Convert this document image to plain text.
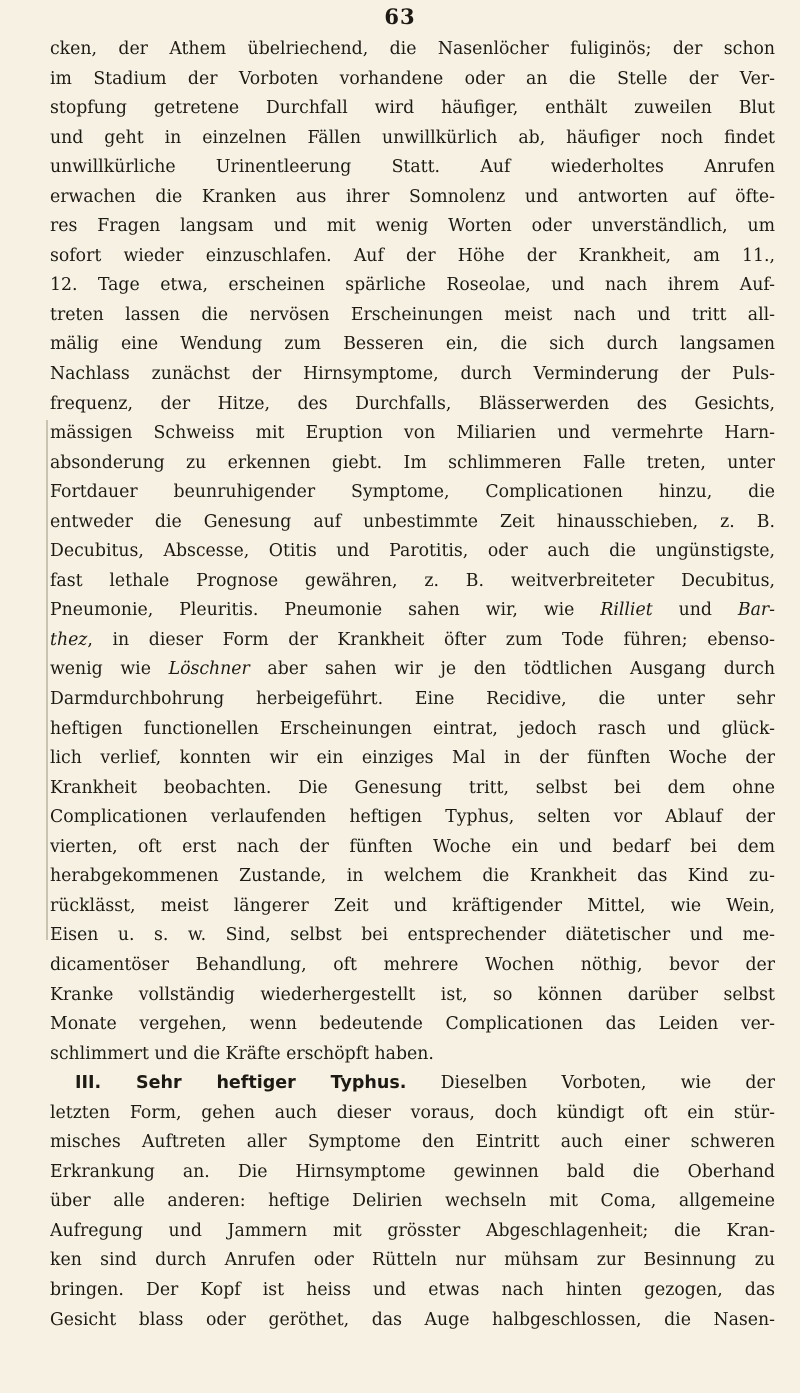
63
cken, der Athem übelriechend, die Nasenlöcher fuliginös; der schon
im Stadium der Vorboten vorhandene oder an die Stelle der Ver-
stopfung getretene Durchfall wird häufiger, enthält zuweilen Blut
und geht in einzelnen Fällen unwillkürlich ab, häufiger noch findet
unwillkürliche Urinentleerung Statt. Auf wiederholtes Anrufen
erwachen die Kranken aus ihrer Somnolenz und antworten auf öfte-
res Fragen langsam und mit wenig Worten oder unverständlich, um
sofort wieder einzuschlafen. Auf der Höhe der Krankheit, am 11.,
12. Tage etwa, erscheinen spärliche Roseolae, und nach ihrem Auf-
treten lassen die nervösen Erscheinungen meist nach und tritt all-
mälig eine Wendung zum Besseren ein, die sich durch langsamen
Nachlass zunächst der Hirnsymptome, durch Verminderung der Puls-
frequenz, der Hitze, des Durchfalls, Blässerwerden des Gesichts,
mässigen Schweiss mit Eruption von Miliarien und vermehrte Harn-
absonderung zu erkennen giebt. Im schlimmeren Falle treten, unter
Fortdauer beunruhigender Symptome, Complicationen hinzu, die
entweder die Genesung auf unbestimmte Zeit hinausschieben, z. B.
Decubitus, Abscesse, Otitis und Parotitis, oder auch die ungünstigste,
fast lethale Prognose gewähren, z. B. weitverbreiteter Decubitus,
Pneumonie, Pleuritis. Pneumonie sahen wir, wie Rilliet und Bar-
thez, in dieser Form der Krankheit öfter zum Tode führen; ebenso-
wenig wie Löschner aber sahen wir je den tödtlichen Ausgang durch
Darmdurchbohrung herbeigeführt. Eine Recidive, die unter sehr
heftigen functionellen Erscheinungen eintrat, jedoch rasch und glück-
lich verlief, konnten wir ein einziges Mal in der fünften Woche der
Krankheit beobachten. Die Genesung tritt, selbst bei dem ohne
Complicationen verlaufenden heftigen Typhus, selten vor Ablauf der
vierten, oft erst nach der fünften Woche ein und bedarf bei dem
herabgekommenen Zustande, in welchem die Krankheit das Kind zu-
rücklässt, meist längerer Zeit und kräftigender Mittel, wie Wein,
Eisen u. s. w. Sind, selbst bei entsprechender diätetischer und me-
dicamentöser Behandlung, oft mehrere Wochen nöthig, bevor der
Kranke vollständig wiederhergestellt ist, so können darüber selbst
Monate vergehen, wenn bedeutende Complicationen das Leiden ver-
schlimmert und die Kräfte erschöpft haben.
III. Sehr heftiger Typhus. Dieselben Vorboten, wie der
letzten Form, gehen auch dieser voraus, doch kündigt oft ein stür-
misches Auftreten aller Symptome den Eintritt auch einer schweren
Erkrankung an. Die Hirnsymptome gewinnen bald die Oberhand
über alle anderen: heftige Delirien wechseln mit Coma, allgemeine
Aufregung und Jammern mit grösster Abgeschlagenheit; die Kran-
ken sind durch Anrufen oder Rütteln nur mühsam zur Besinnung zu
bringen. Der Kopf ist heiss und etwas nach hinten gezogen, das
Gesicht blass oder geröthet, das Auge halbgeschlossen, die Nasen-
